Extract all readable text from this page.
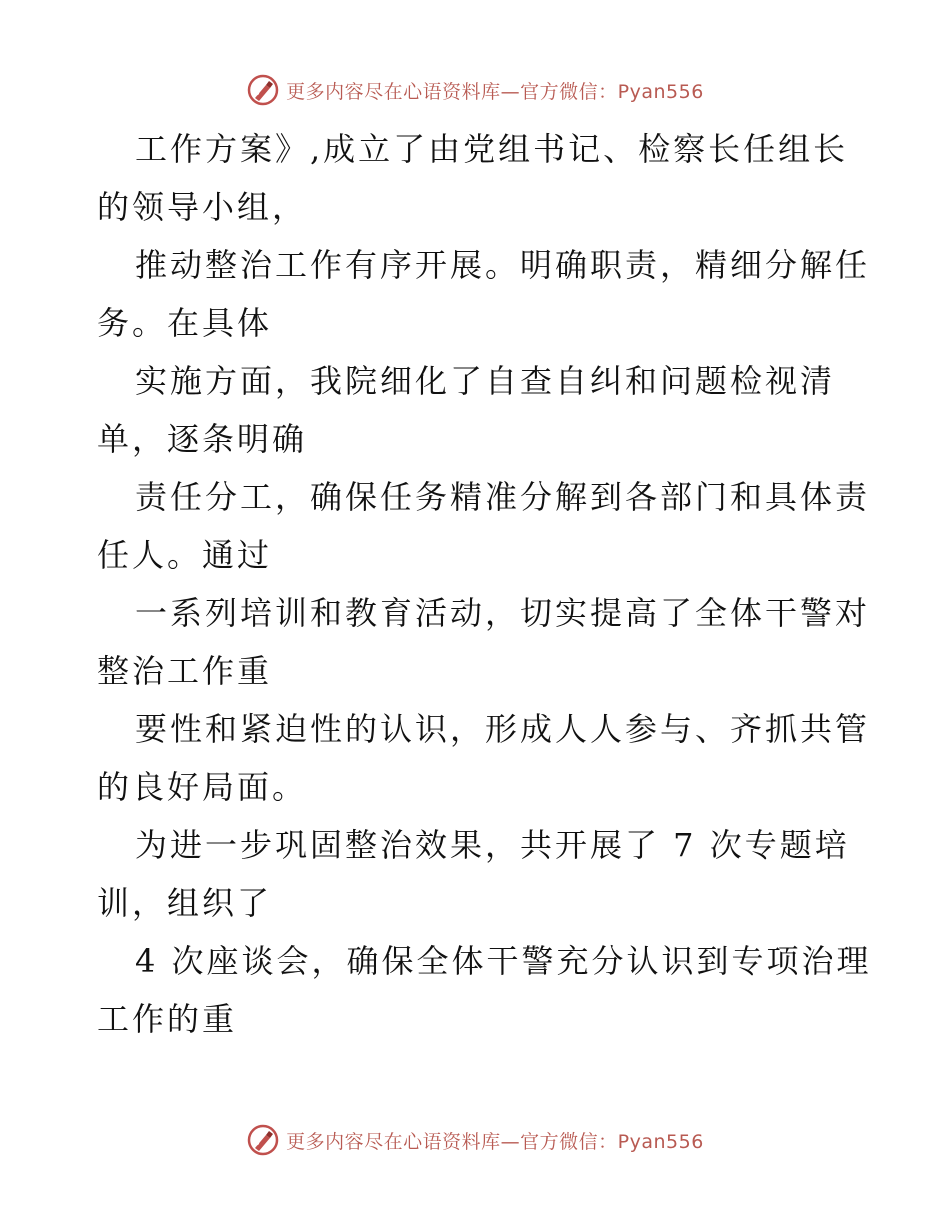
更多内容尽在心语资料库—官方微信：Pyan556
工作方案》,成立了由党组书记、检察长任组长
的领导小组，
推动整治工作有序开展。明确职责，精细分解任
务。在具体
实施方面，我院细化了自查自纠和问题检视清
单，逐条明确
责任分工，确保任务精准分解到各部门和具体责
任人。通过
一系列培训和教育活动，切实提高了全体干警对
整治工作重
要性和紧迫性的认识，形成人人参与、齐抓共管
的良好局面。
为进一步巩固整治效果，共开展了 7 次专题培
训，组织了
4 次座谈会，确保全体干警充分认识到专项治理
工作的重
更多内容尽在心语资料库—官方微信：Pyan556
